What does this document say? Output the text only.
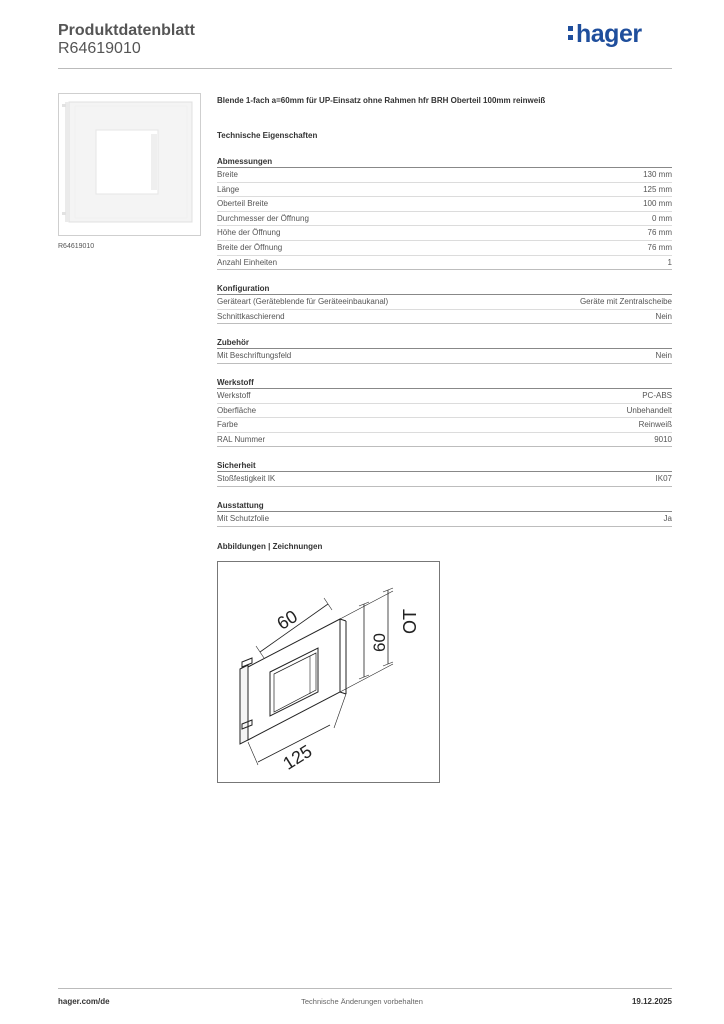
Produktdatenblatt
R64619010
hager
R64619010
Blende 1-fach a=60mm für UP-Einsatz ohne Rahmen hfr BRH Oberteil 100mm reinweiß
Technische Eigenschaften
Abmessungen
Breite	130 mm
Länge	125 mm
Oberteil Breite	100 mm
Durchmesser der Öffnung	0 mm
Höhe der Öffnung	76 mm
Breite der Öffnung	76 mm
Anzahl Einheiten	1
Konfiguration
Geräteart (Geräteblende für Geräteeinbaukanal)	Geräte mit Zentralscheibe
Schnittkaschierend	Nein
Zubehör
Mit Beschriftungsfeld	Nein
Werkstoff
Werkstoff	PC-ABS
Oberfläche	Unbehandelt
Farbe	Reinweiß
RAL Nummer	9010
Sicherheit
Stoßfestigkeit IK	IK07
Ausstattung
Mit Schutzfolie	Ja
Abbildungen | Zeichnungen
60
60
OT
125
hager.com/de	Technische Änderungen vorbehalten	19.12.2025
